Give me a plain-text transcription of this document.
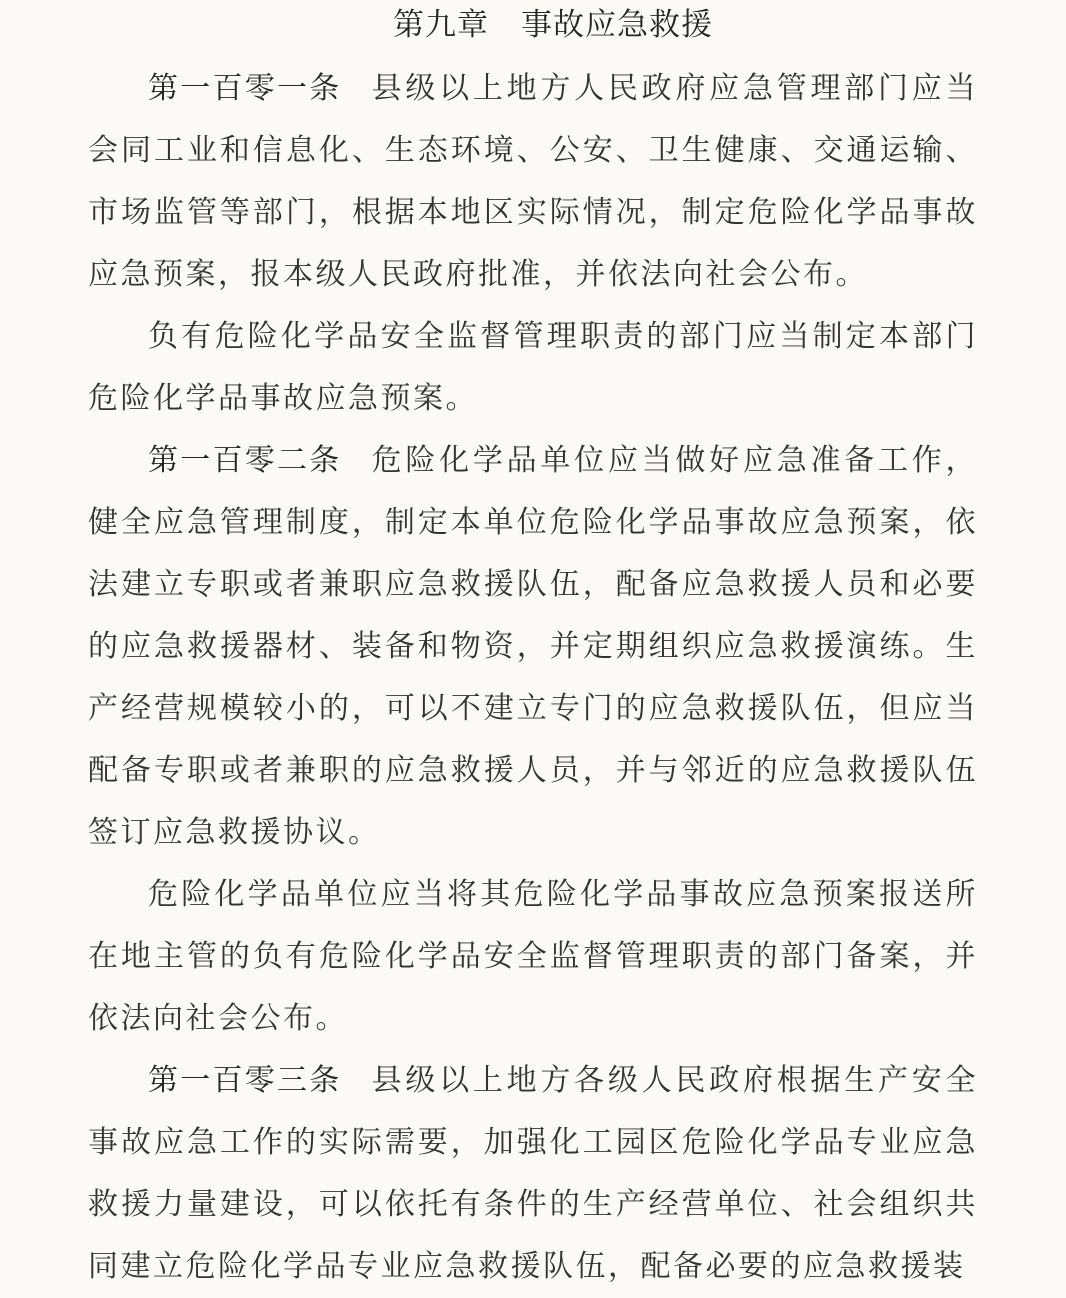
第九章　事故应急救援

第一百零一条 县级以上地方人民政府应急管理部门应当会同工业和信息化、生态环境、公安、卫生健康、交通运输、市场监管等部门，根据本地区实际情况，制定危险化学品事故应急预案，报本级人民政府批准，并依法向社会公布。

负有危险化学品安全监督管理职责的部门应当制定本部门危险化学品事故应急预案。

第一百零二条 危险化学品单位应当做好应急准备工作，健全应急管理制度，制定本单位危险化学品事故应急预案，依法建立专职或者兼职应急救援队伍，配备应急救援人员和必要的应急救援器材、装备和物资，并定期组织应急救援演练。生产经营规模较小的，可以不建立专门的应急救援队伍，但应当配备专职或者兼职的应急救援人员，并与邻近的应急救援队伍签订应急救援协议。

危险化学品单位应当将其危险化学品事故应急预案报送所在地主管的负有危险化学品安全监督管理职责的部门备案，并依法向社会公布。

第一百零三条 县级以上地方各级人民政府根据生产安全事故应急工作的实际需要，加强化工园区危险化学品专业应急救援力量建设，可以依托有条件的生产经营单位、社会组织共同建立危险化学品专业应急救援队伍，配备必要的应急救援装
